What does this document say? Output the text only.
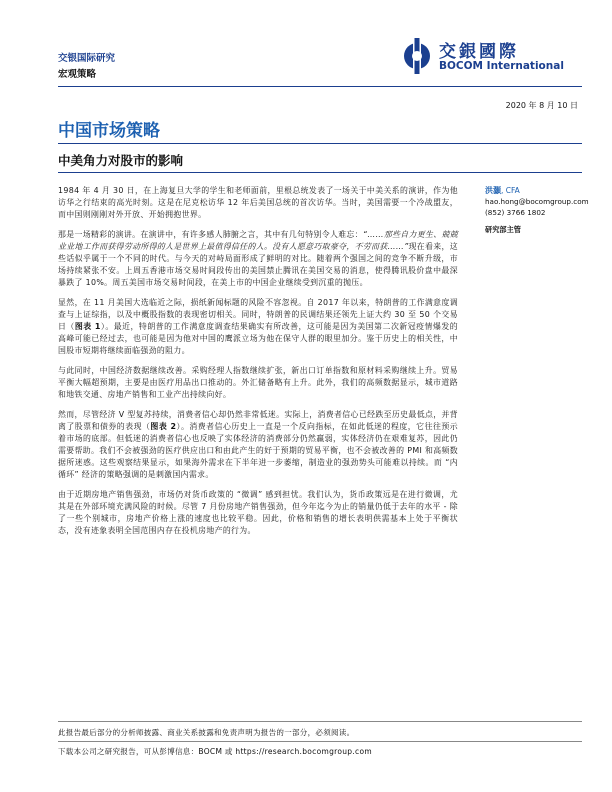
交银国际研究
宏观策略
交銀國際
BOCOM International
2020 年 8 月 10 日
中国市场策略
中美角力对股市的影响

1984 年 4 月 30 日，在上海复旦大学的学生和老师面前，里根总统发表了一场关于中美关系的演讲，作为他访华之行结束的高光时刻。这是在尼克松访华 12 年后美国总统的首次访华。当时，美国需要一个冷战盟友，而中国则刚刚对外开放、开始拥抱世界。

那是一场精彩的演讲。在演讲中，有许多感人肺腑之言，其中有几句特别令人难忘：“……那些自力更生、兢兢业业地工作而获得劳动所得的人是世界上最值得信任的人。没有人愿意巧取豪夺，不劳而获……”现在看来，这些话似乎属于一个不同的时代。与今天的对峙局面形成了鲜明的对比。随着两个强国之间的竞争不断升级，市场持续紧张不安。上周五香港市场交易时间段传出的美国禁止腾讯在美国交易的消息，使得腾讯股价盘中最深暴跌了 10%。周五美国市场交易时间段，在美上市的中国企业继续受到沉重的抛压。

显然，在 11 月美国大选临近之际，损纸新闻标题的风险不容忽视。自 2017 年以来，特朗普的工作满意度调查与上证综指，以及中概股指数的表现密切相关。同时，特朗普的民调结果还领先上证大约 30 至 50 个交易日（图表 1）。最近，特朗普的工作满意度调查结果确实有所改善，这可能是因为美国第二次新冠疫情爆发的高峰可能已经过去，也可能是因为他对中国的鹰派立场为他在保守人群的眼里加分。鉴于历史上的相关性，中国股市短期将继续面临强劲的阻力。

与此同时，中国经济数据继续改善。采购经理人指数继续扩张，新出口订单指数和原材料采购继续上升。贸易平衡大幅超预期，主要是由医疗用品出口推动的。外汇储备略有上升。此外，我们的高频数据显示，城市道路和地铁交通、房地产销售和工业产出持续向好。

然而，尽管经济 V 型复苏持续，消费者信心却仍然非常低迷。实际上，消费者信心已经跌至历史最低点，并背离了股票和债券的表现（图表 2）。消费者信心历史上一直是一个反向指标，在如此低迷的程度，它往往预示着市场的底部。但低迷的消费者信心也反映了实体经济的消费部分仍然羸弱，实体经济仍在艰难复苏，因此仍需要帮助。我们不会被强劲的医疗供应出口和由此产生的好于预期的贸易平衡，也不会被改善的 PMI 和高频数据所迷惑。这些观察结果显示，如果海外需求在下半年进一步萎缩，制造业的强劲势头可能难以持续。而 “内循环” 经济的策略强调的是刺激国内需求。

由于近期房地产销售强劲，市场仍对货币政策的 “微调” 感到担忧。我们认为，货币政策远是在进行微调，尤其是在外部环境充满风险的时候。尽管 7 月份房地产销售强劲，但今年迄今为止的销量仍低于去年的水平 - 除了一些个别城市，房地产价格上涨的速度也比较平稳。因此，价格和销售的增长表明供需基本上处于平衡状态，没有迹象表明全国范围内存在投机房地产的行为。

洪灝, CFA
hao.hong@bocomgroup.com
(852) 3766 1802
研究部主管
此报告最后部分的分析师披露、商业关系披露和免责声明为报告的一部分，必须阅读。
下载本公司之研究报告，可从彭博信息：BOCM 或 https://research.bocomgroup.com
